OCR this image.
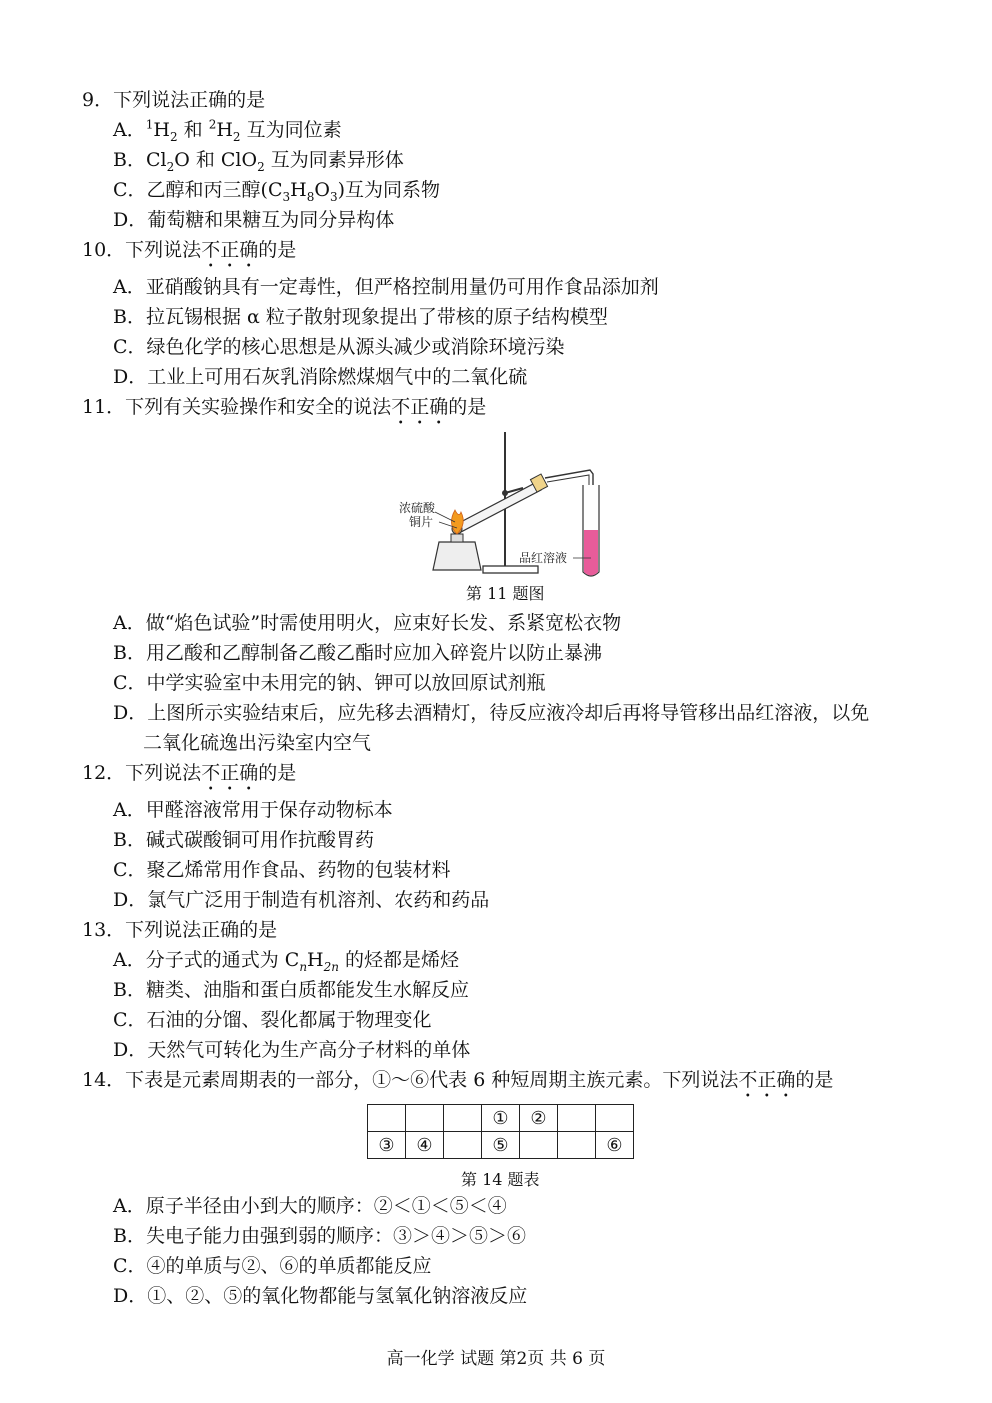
9．下列说法正确的是
A．$^1H_2$ 和 $^2H_2$ 互为同位素
B．$Cl_2O$ 和 ClO$_2$ 互为同素异形体
C．乙醇和丙三醇$(C_3H_8O_3)$互为同系物
D．葡萄糖和果糖互为同分异构体
10．下列说法不正确的是
A．亚硝酸钠具有一定毒性，但严格控制用量仍可用作食品添加剂
B．拉瓦锡根据 α 粒子散射现象提出了带核的原子结构模型
C．绿色化学的核心思想是从源头减少或消除环境污染
D．工业上可用石灰乳消除燃煤烟气中的二氧化硫
11．下列有关实验操作和安全的说法不正确的是
浓硫酸
铜片
品红溶液
第 11 题图
A．做“焰色试验”时需使用明火，应束好长发、系紧宽松衣物
B．用乙酸和乙醇制备乙酸乙酯时应加入碎瓷片以防止暴沸
C．中学实验室中未用完的钠、钾可以放回原试剂瓶
D．上图所示实验结束后，应先移去酒精灯，待反应液冷却后再将导管移出品红溶液，以免
二氧化硫逸出污染室内空气
12．下列说法不正确的是
A．甲醛溶液常用于保存动物标本
B．碱式碳酸铜可用作抗酸胃药
C．聚乙烯常用作食品、药物的包装材料
D．氯气广泛用于制造有机溶剂、农药和药品
13．下列说法正确的是
A．分子式的通式为 $C_nH_{2n}$ 的烃都是烯烃
B．糖类、油脂和蛋白质都能发生水解反应
C．石油的分馏、裂化都属于物理变化
D．天然气可转化为生产高分子材料的单体
14．下表是元素周期表的一部分，①～⑥代表 6 种短周期主族元素。下列说法不正确的是
			①	②		
③	④		⑤			⑥
第 14 题表
A．原子半径由小到大的顺序：②＜①＜⑤＜④
B．失电子能力由强到弱的顺序：③＞④＞⑤＞⑥
C．④的单质与②、⑥的单质都能反应
D．①、②、⑤的氧化物都能与氢氧化钠溶液反应
高一化学 试题 第2页 共 6 页
